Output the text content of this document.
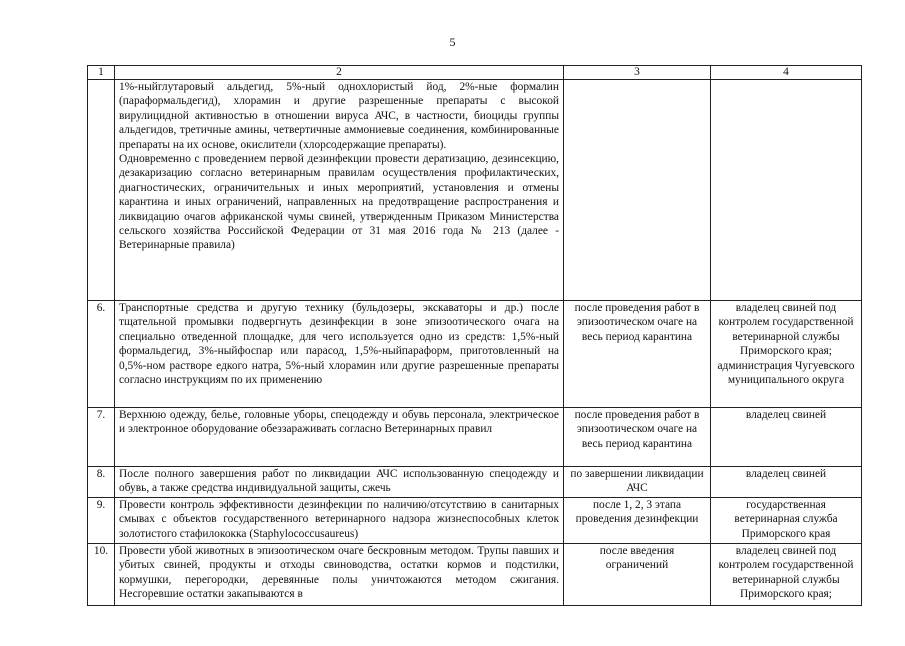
5
1	2	3	4

	1%-ныйглутаровый альдегид, 5%-ный однохлористый йод, 2%-ные формалин (параформальдегид), хлорамин и другие разрешенные препараты с высокой вирулицидной активностью в отношении вируса АЧС, в частности, биоциды группы альдегидов, третичные амины, четвертичные аммониевые соединения, комбинированные препараты на их основе, окислители (хлорсодержащие препараты).
Одновременно с проведением первой дезинфекции провести дератизацию, дезинсекцию, дезакаризацию согласно ветеринарным правилам осуществления профилактических, диагностических, ограничительных и иных мероприятий, установления и отмены карантина и иных ограничений, направленных на предотвращение распространения и ликвидацию очагов африканской чумы свиней, утвержденным Приказом Министерства сельского хозяйства Российской Федерации от 31 мая 2016 года № 213 (далее - Ветеринарные правила)		

6.	Транспортные средства и другую технику (бульдозеры, экскаваторы и др.) после тщательной промывки подвергнуть дезинфекции в зоне эпизоотического очага на специально отведенной площадке, для чего используется одно из средств: 1,5%-ный формальдегид, 3%-ныйфоспар или парасод, 1,5%-ныйпараформ, приготовленный на 0,5%-ном растворе едкого натра, 5%-ный хлорамин или другие разрешенные препараты согласно инструкциям по их применению	после проведения работ в эпизоотическом очаге на весь период карантина	владелец свиней под контролем государственной ветеринарной службы Приморского края; администрация Чугуевского муниципального округа
7.	Верхнюю одежду, белье, головные уборы, спецодежду и обувь персонала, электрическое и электронное оборудование обеззараживать согласно Ветеринарных правил	после проведения работ в эпизоотическом очаге на весь период карантина	владелец свиней
8.	После полного завершения работ по ликвидации АЧС использованную спецодежду и обувь, а также средства индивидуальной защиты, сжечь	по завершении ликвидации АЧС	владелец свиней
9.	Провести контроль эффективности дезинфекции по наличию/отсутствию в санитарных смывах с объектов государственного ветеринарного надзора жизнеспособных клеток золотистого стафилококка (Staphylococcusaureus)	после 1, 2, 3 этапа проведения дезинфекции	государственная ветеринарная служба Приморского края
10.	Провести убой животных в эпизоотическом очаге бескровным методом. Трупы павших и убитых свиней, продукты и отходы свиноводства, остатки кормов и подстилки, кормушки, перегородки, деревянные полы уничтожаются методом сжигания. Несгоревшие остатки закапываются в	после введения ограничений	владелец свиней под контролем государственной ветеринарной службы Приморского края;
